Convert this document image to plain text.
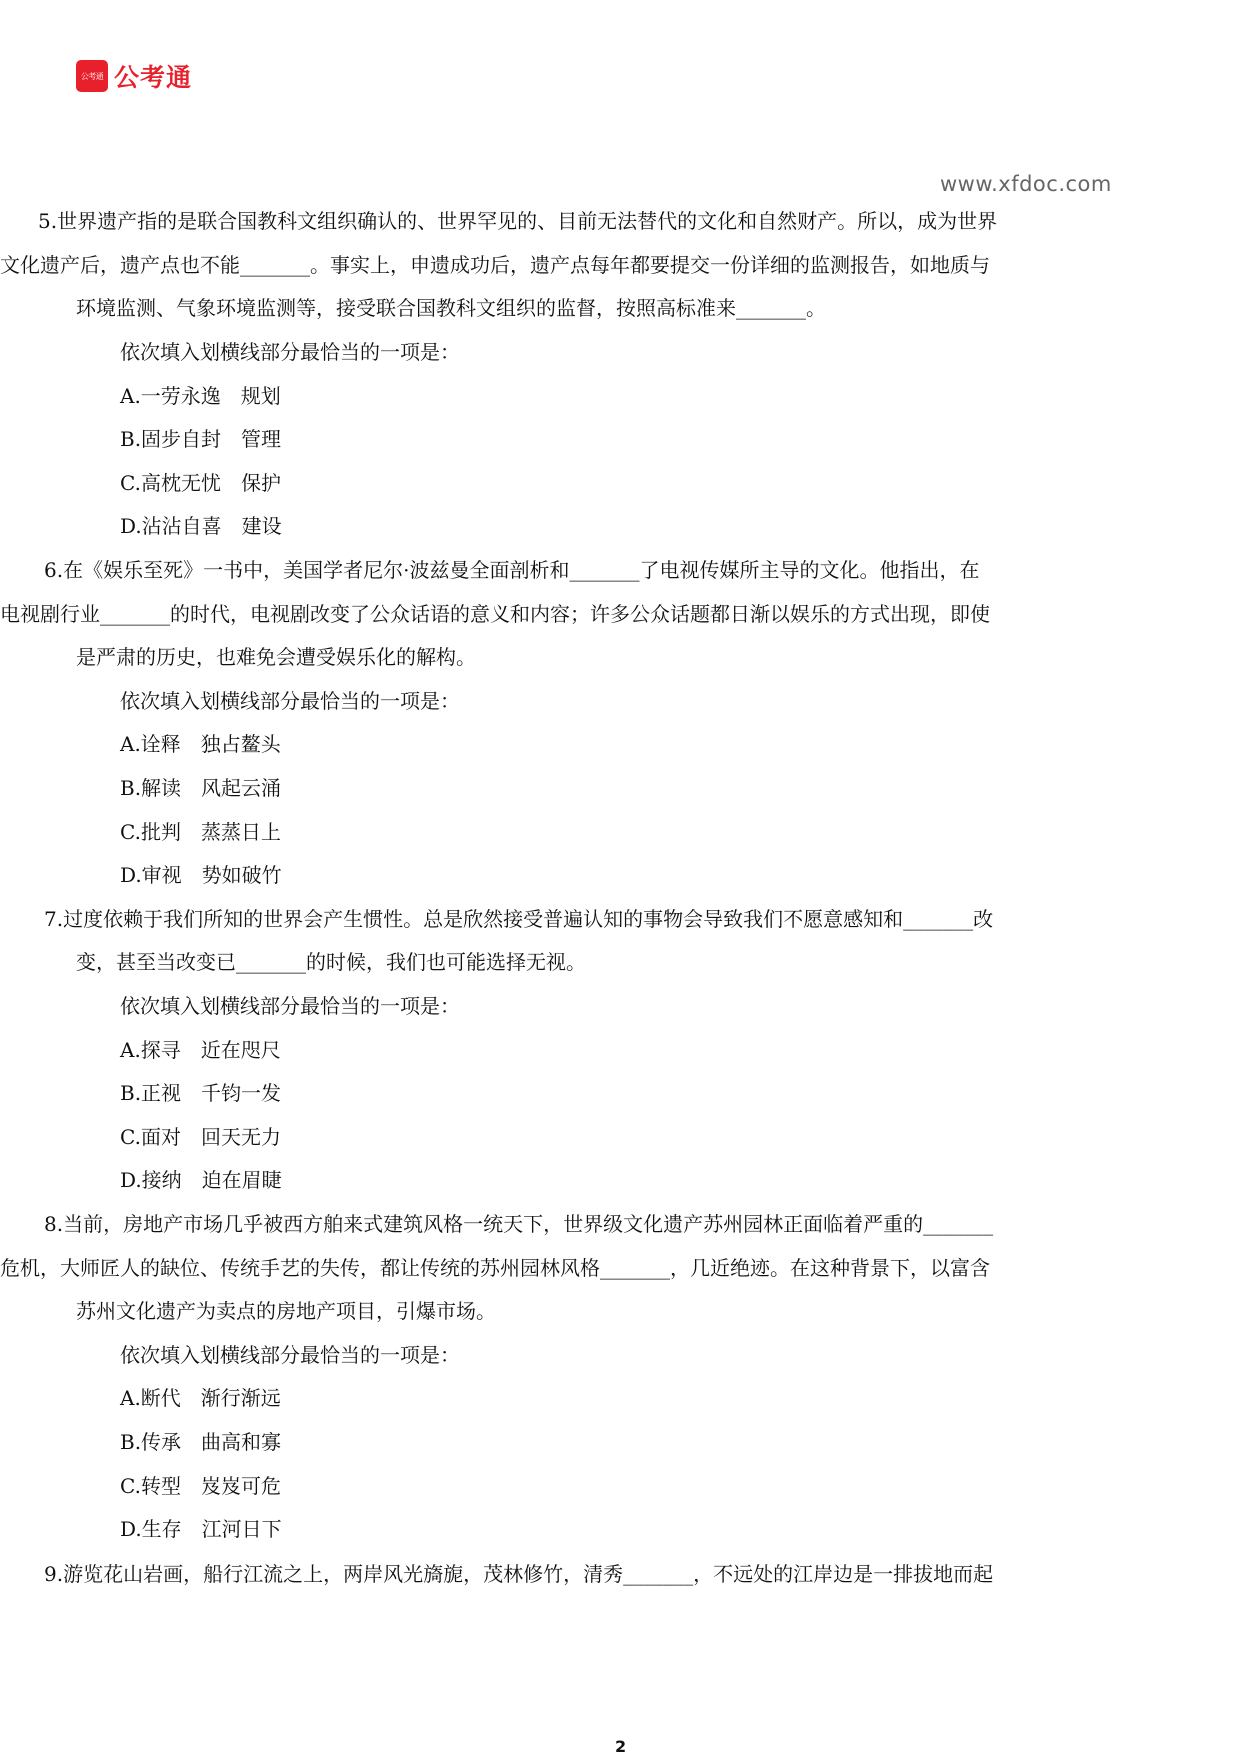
公考通 公考通
www.xfdoc.com
5.世界遗产指的是联合国教科文组织确认的、世界罕见的、目前无法替代的文化和自然财产。所以，成为世界
文化遗产后，遗产点也不能_______。事实上，申遗成功后，遗产点每年都要提交一份详细的监测报告，如地质与
环境监测、气象环境监测等，接受联合国教科文组织的监督，按照高标准来_______。
依次填入划横线部分最恰当的一项是：
A.一劳永逸　规划
B.固步自封　管理
C.高枕无忧　保护
D.沾沾自喜　建设
6.在《娱乐至死》一书中，美国学者尼尔·波兹曼全面剖析和_______了电视传媒所主导的文化。他指出，在
电视剧行业_______的时代，电视剧改变了公众话语的意义和内容；许多公众话题都日渐以娱乐的方式出现，即使
是严肃的历史，也难免会遭受娱乐化的解构。
依次填入划横线部分最恰当的一项是：
A.诠释　独占鳌头
B.解读　风起云涌
C.批判　蒸蒸日上
D.审视　势如破竹
7.过度依赖于我们所知的世界会产生惯性。总是欣然接受普遍认知的事物会导致我们不愿意感知和_______改
变，甚至当改变已_______的时候，我们也可能选择无视。
依次填入划横线部分最恰当的一项是：
A.探寻　近在咫尺
B.正视　千钧一发
C.面对　回天无力
D.接纳　迫在眉睫
8.当前，房地产市场几乎被西方舶来式建筑风格一统天下，世界级文化遗产苏州园林正面临着严重的_______
危机，大师匠人的缺位、传统手艺的失传，都让传统的苏州园林风格_______，几近绝迹。在这种背景下，以富含
苏州文化遗产为卖点的房地产项目，引爆市场。
依次填入划横线部分最恰当的一项是：
A.断代　渐行渐远
B.传承　曲高和寡
C.转型　岌岌可危
D.生存　江河日下
9.游览花山岩画，船行江流之上，两岸风光旖旎，茂林修竹，清秀_______，不远处的江岸边是一排拔地而起
2
